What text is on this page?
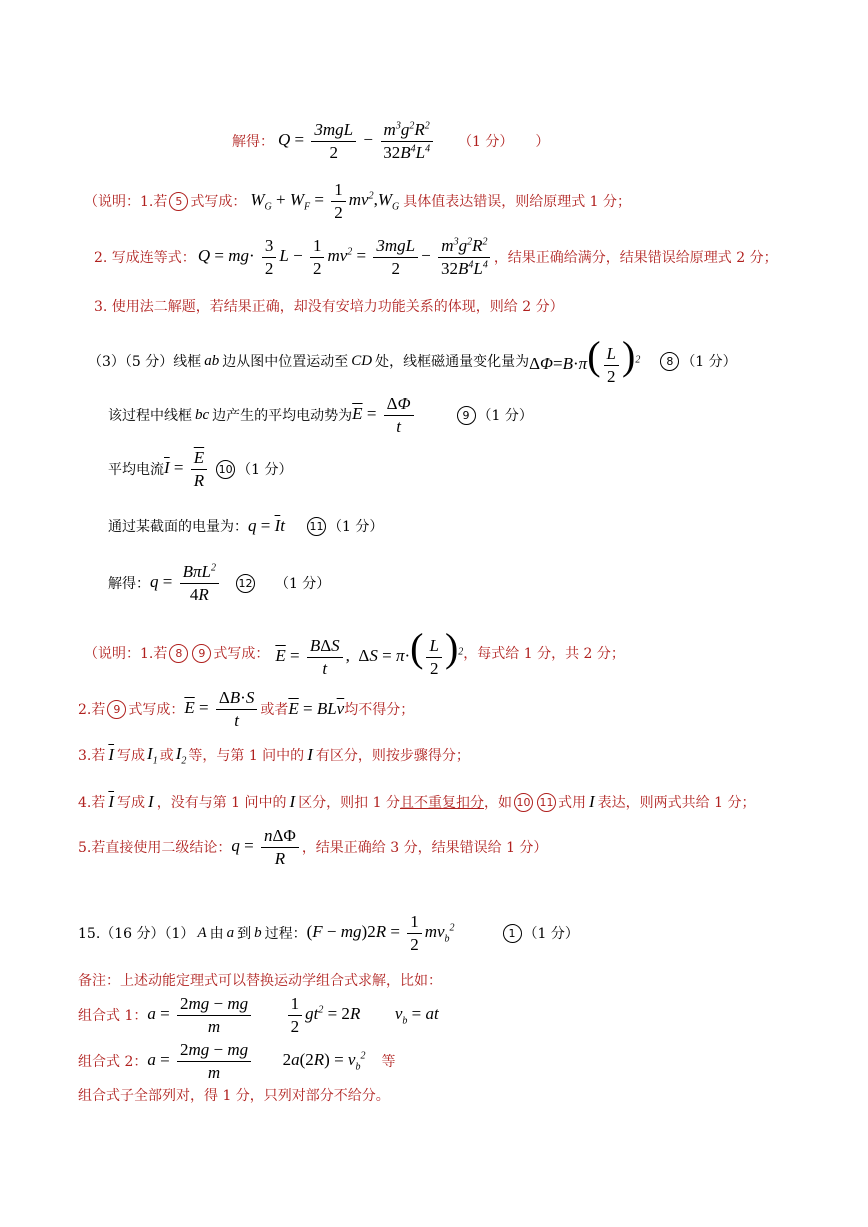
解得： $Q = \frac{\text{3mgL}}{2} - \frac{m^3g^2R^2}{32B^4L^4} (1$ 分） ）
（说明：1.若 5 式写成： $W_G + W_F = \frac{1}{2} mv^2,W_G$ 具体值表达错误，则给原理式 1 分；
2. 写成连等式： $Q = mg\cdot \frac{3}{2}$ $L - \frac{1}{2} mv^2 = \frac{\text{3mgL}}{2} - \frac{m^3g^2R^2}{32B^4L^4}$ ，结果正确给满分，结果错误给原理式 2 分；
3. 使用法二解题，若结果正确，却没有安培力功能关系的体现，则给 2 分）
（3）（5 分）线框 ab 边从图中位置运动至 CD 处，线框磁通量变化量为 $\Delta\Phi=B\cdot\pi( \frac{L}{2} )^2$	8 （1 分）
该过程中线框 bc 边产生的平均电动势为 $\overline{E} = \frac{\Delta\Phi}{t}$	9 （1 分）
平均电流 $\overline{I} = \frac{\overline{E}}{R} 10$ （1 分）
通过某截面的电量为： $q = \overline{I}t$ 11 （1 分）
解得： $q = \frac{B\pi L^2}{4R} 12$ （1 分）
（说明：1.若 8	9 式写成： $\overline{E} = \frac{\text{BΔS}}{t}$ ,  $\Delta S = \pi\cdot( \frac{L}{2} )^2$ ，每式给 1 分，共 2 分；
2.若 9 式写成： $\overline{E} = \frac{\Delta B\cdot S}{t}$ 或者 $\overline{E} = BL\overline{v}$ 均不得分；
3.若 $\overline{I}$ 写成 $I_1$ 或 $I_2$ 等，与第 1 问中的 I 有区分，则按步骤得分；
4.若 $\overline{I}$ 写成 I ，没有与第 1 问中的 I 区分，则扣 1 分 且不重复扣分 ，如 10 11 式用 I 表达，则两式共给 1 分；
5.若直接使用二级结论： $q = \frac{\text{nΔΦ}}{R}$ ，结果正确给 3 分，结果错误给 1 分）
15.（16 分）（1） A 由 a 到 b 过程： $(F - mg)2R = \frac{1}{2} mv_b^2$	1 （1 分）
备注：上述动能定理式可以替换运动学组合式求解，比如：
组合式 1： $a = \frac{2mg - mg}{m}$
$\frac{1}{2} gt^2 = 2R$  $v_b$ = at
组合式 2： $a = \frac{2mg - mg}{m} 2a(2R) = v_b^2$ 等
组合式子全部列对，得 1 分，只列对部分不给分。
